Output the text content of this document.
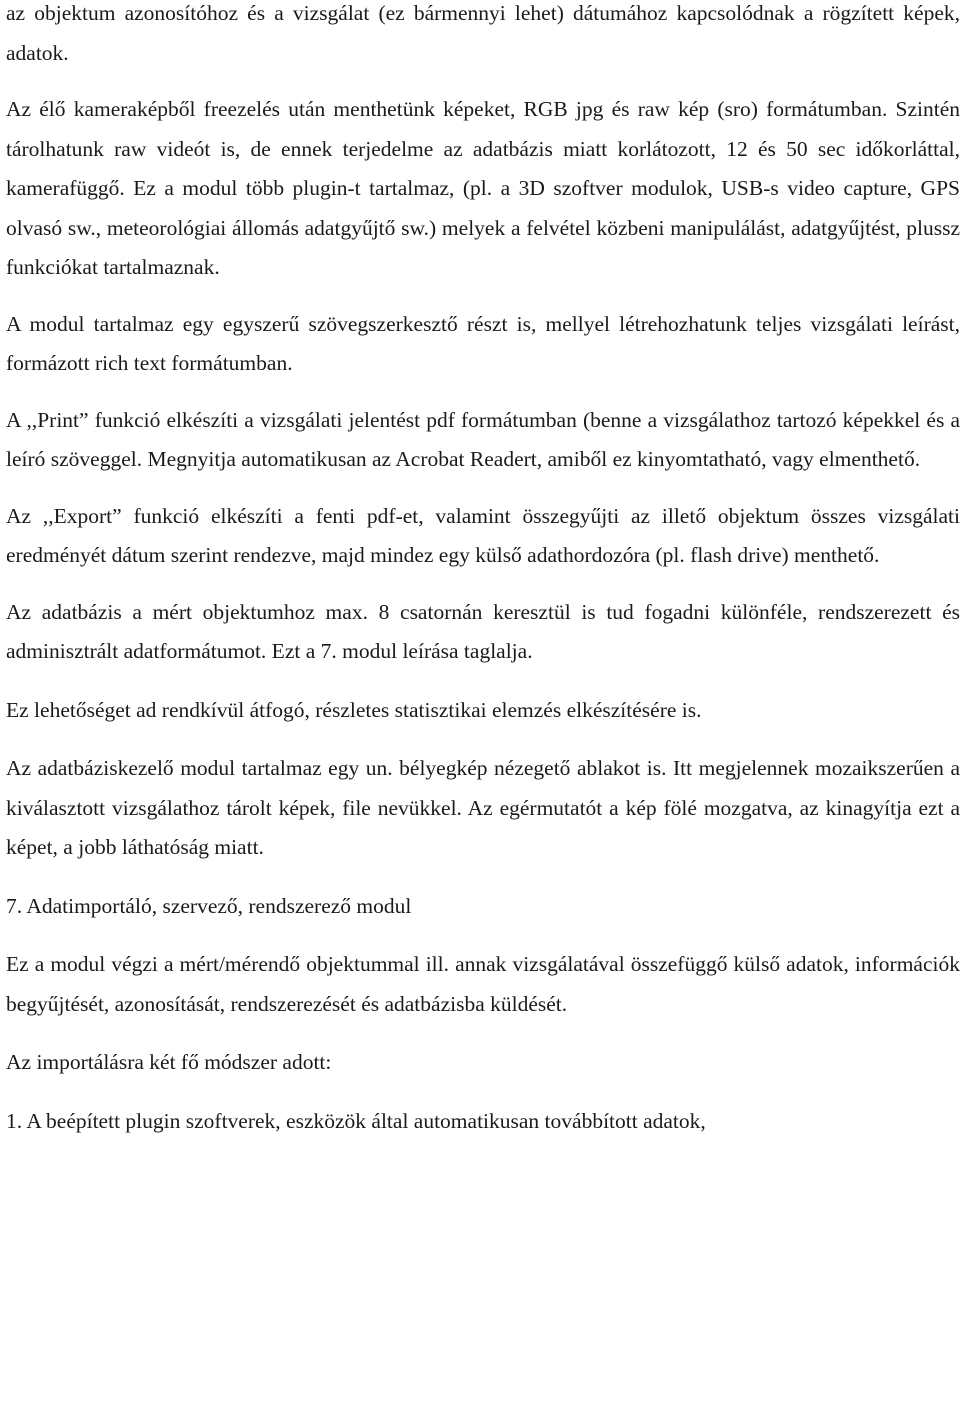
az objektum azonosítóhoz és a vizsgálat (ez bármennyi lehet) dátumához kapcsolódnak a rögzített képek, adatok.

Az élő kameraképből freezelés után menthetünk képeket, RGB jpg és raw kép (sro) formátumban. Szintén tárolhatunk raw videót is, de ennek terjedelme az adatbázis miatt korlátozott, 12 és 50 sec időkorláttal, kamerafüggő. Ez a modul több plugin-t tartalmaz, (pl. a 3D szoftver modulok, USB-s video capture, GPS olvasó sw., meteorológiai állomás adatgyűjtő sw.) melyek a felvétel közbeni manipulálást, adatgyűjtést, plussz funkciókat tartalmaznak.

A modul tartalmaz egy egyszerű szövegszerkesztő részt is, mellyel létrehozhatunk teljes vizsgálati leírást, formázott rich text formátumban.

A ,,Print” funkció elkészíti a vizsgálati jelentést pdf formátumban (benne a vizsgálathoz tartozó képekkel és a leíró szöveggel. Megnyitja automatikusan az Acrobat Readert, amiből ez kinyomtatható, vagy elmenthető.

Az ,,Export” funkció elkészíti a fenti pdf-et, valamint összegyűjti az illető objektum összes vizsgálati eredményét dátum szerint rendezve, majd mindez egy külső adathordozóra (pl. flash drive) menthető.

Az adatbázis a mért objektumhoz max. 8 csatornán keresztül is tud fogadni különféle, rendszerezett és adminisztrált adatformátumot. Ezt a 7. modul leírása taglalja.

Ez lehetőséget ad rendkívül átfogó, részletes statisztikai elemzés elkészítésére is.

Az adatbáziskezelő modul tartalmaz egy un. bélyegkép nézegető ablakot is. Itt megjelennek mozaikszerűen a kiválasztott vizsgálathoz tárolt képek, file nevükkel. Az egérmutatót a kép fölé mozgatva, az kinagyítja ezt a képet, a jobb láthatóság miatt.

7. Adatimportáló, szervező, rendszerező modul

Ez a modul végzi a mért/mérendő objektummal ill. annak vizsgálatával összefüggő külső adatok, információk begyűjtését, azonosítását, rendszerezését és adatbázisba küldését.

Az importálásra két fő módszer adott:

1. A beépített plugin szoftverek, eszközök által automatikusan továbbított adatok,
